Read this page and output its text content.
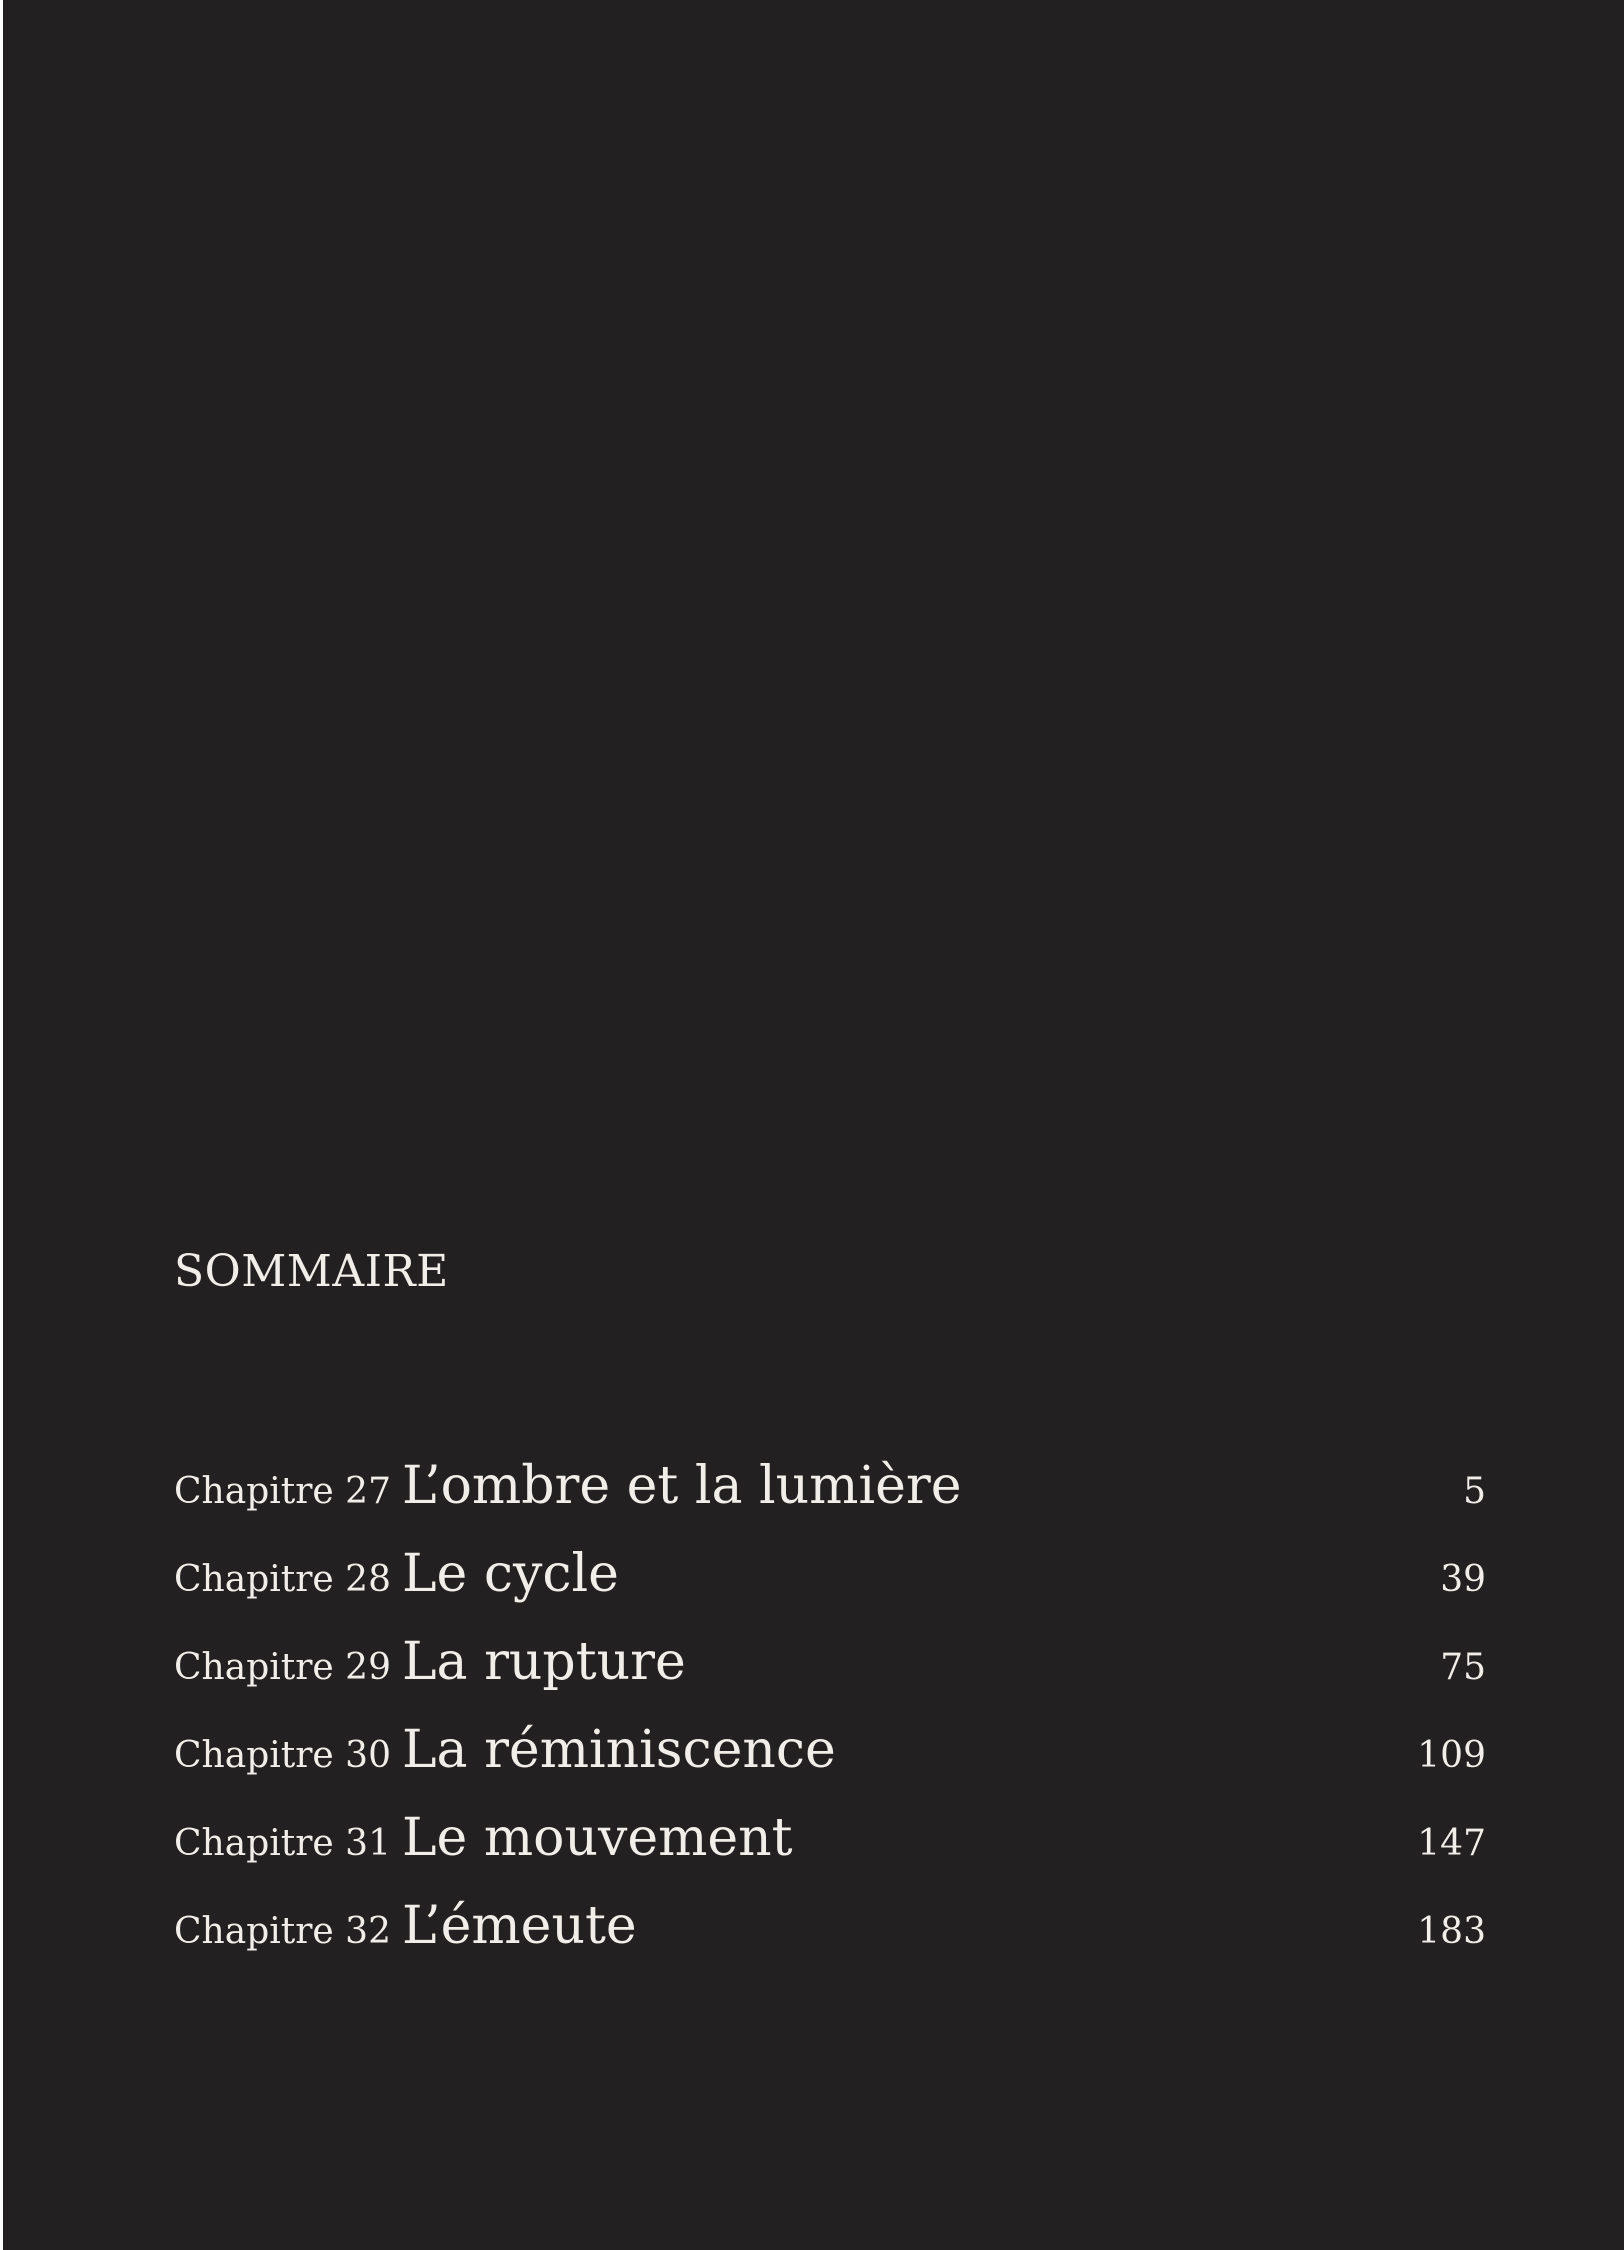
SOMMAIRE
Chapitre 27 L’ombre et la lumière	5
Chapitre 28 Le cycle	39
Chapitre 29 La rupture	75
Chapitre 30 La réminiscence	109
Chapitre 31 Le mouvement	147
Chapitre 32 L’émeute	183
